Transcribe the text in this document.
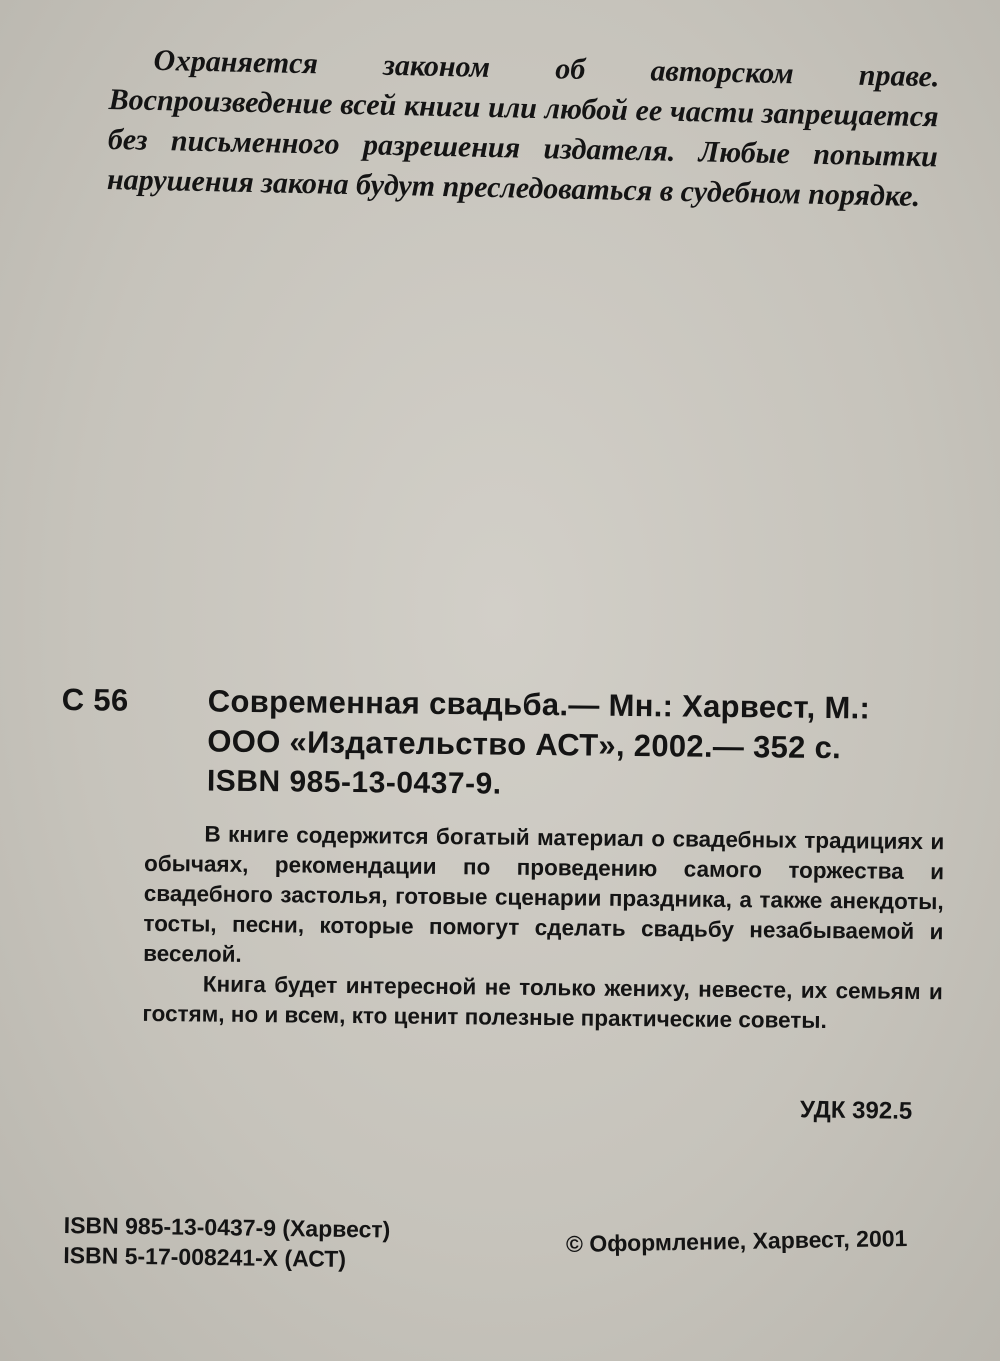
Охраняется законом об авторском праве. Воспроизведение всей книги или любой ее части запрещается без письменного разрешения издателя. Любые попытки нарушения закона будут преследоваться в судебном порядке.

С 56	Современная свадьба.— Мн.: Харвест, М.: ООО «Издательство АСТ», 2002.— 352 с.
ISBN 985-13-0437-9.

В книге содержится богатый материал о свадебных традициях и обычаях, рекомендации по проведению самого торжества и свадебного застолья, готовые сценарии праздника, а также анекдоты, тосты, песни, которые помогут сделать свадьбу незабываемой и веселой.

Книга будет интересной не только жениху, невесте, их семьям и гостям, но и всем, кто ценит полезные практические советы.

УДК 392.5
ISBN 985-13-0437-9 (Харвест)
ISBN 5-17-008241-Х (АСТ)	© Оформление, Харвест, 2001
